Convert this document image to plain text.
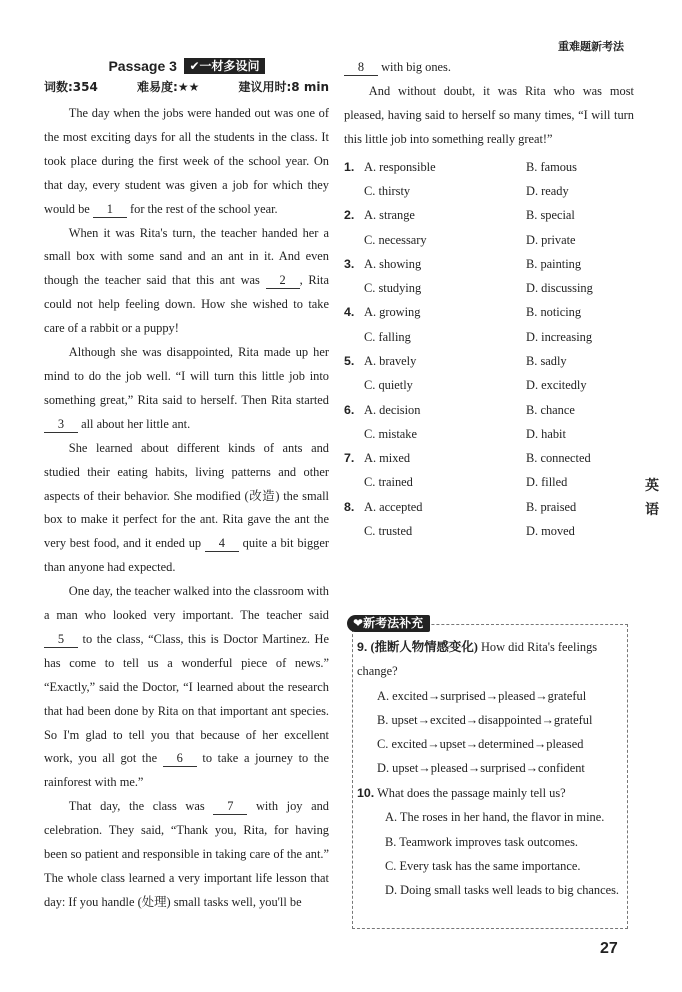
重难题新考法
Passage 3 ✔一材多设问
词数:354	难易度:★★	建议用时:8 min

The day when the jobs were handed out was one of the most exciting days for all the students in the class. It took place during the first week of the school year. On that day, every student was given a job for which they would be 1 for the rest of the school year.

When it was Rita's turn, the teacher handed her a small box with some sand and an ant in it. And even though the teacher said that this ant was 2 , Rita could not help feeling down. How she wished to take care of a rabbit or a puppy!

Although she was disappointed, Rita made up her mind to do the job well. “I will turn this little job into something great,” Rita said to herself. Then Rita started 3 all about her little ant.

She learned about different kinds of ants and studied their eating habits, living patterns and other aspects of their behavior. She modified (改造) the small box to make it perfect for the ant. Rita gave the ant the very best food, and it ended up 4 quite a bit bigger than anyone had expected.

One day, the teacher walked into the classroom with a man who looked very important. The teacher said 5 to the class, “Class, this is Doctor Martinez. He has come to tell us a wonderful piece of news.” “Exactly,” said the Doctor, “I learned about the research that had been done by Rita on that important ant species. So I'm glad to tell you that because of her excellent work, you all got the 6 to take a journey to the rainforest with me.”

That day, the class was 7 with joy and celebration. They said, “Thank you, Rita, for having been so patient and responsible in taking care of the ant.” The whole class learned a very important life lesson that day: If you handle (处理) small tasks well, you'll be

8 with big ones.

And without doubt, it was Rita who was most pleased, having said to herself so many times, “I will turn this little job into something really great!”

1. A. responsible	B. famous
C. thirsty	D. ready
2. A. strange	B. special
C. necessary	D. private
3. A. showing	B. painting
C. studying	D. discussing
4. A. growing	B. noticing
C. falling	D. increasing
5. A. bravely	B. sadly
C. quietly	D. excitedly
6. A. decision	B. chance
C. mistake	D. habit
7. A. mixed	B. connected
C. trained	D. filled
8. A. accepted	B. praised
C. trusted	D. moved
❤新考法补充
9. (推断人物情感变化) How did Rita's feelings change?
A. excited→surprised→pleased→grateful
B. upset→excited→disappointed→grateful
C. excited→upset→determined→pleased
D. upset→pleased→surprised→confident
10. What does the passage mainly tell us?
A. The roses in her hand, the flavor in mine.
B. Teamwork improves task outcomes.
C. Every task has the same importance.
D. Doing small tasks well leads to big chances.
英
语
27
